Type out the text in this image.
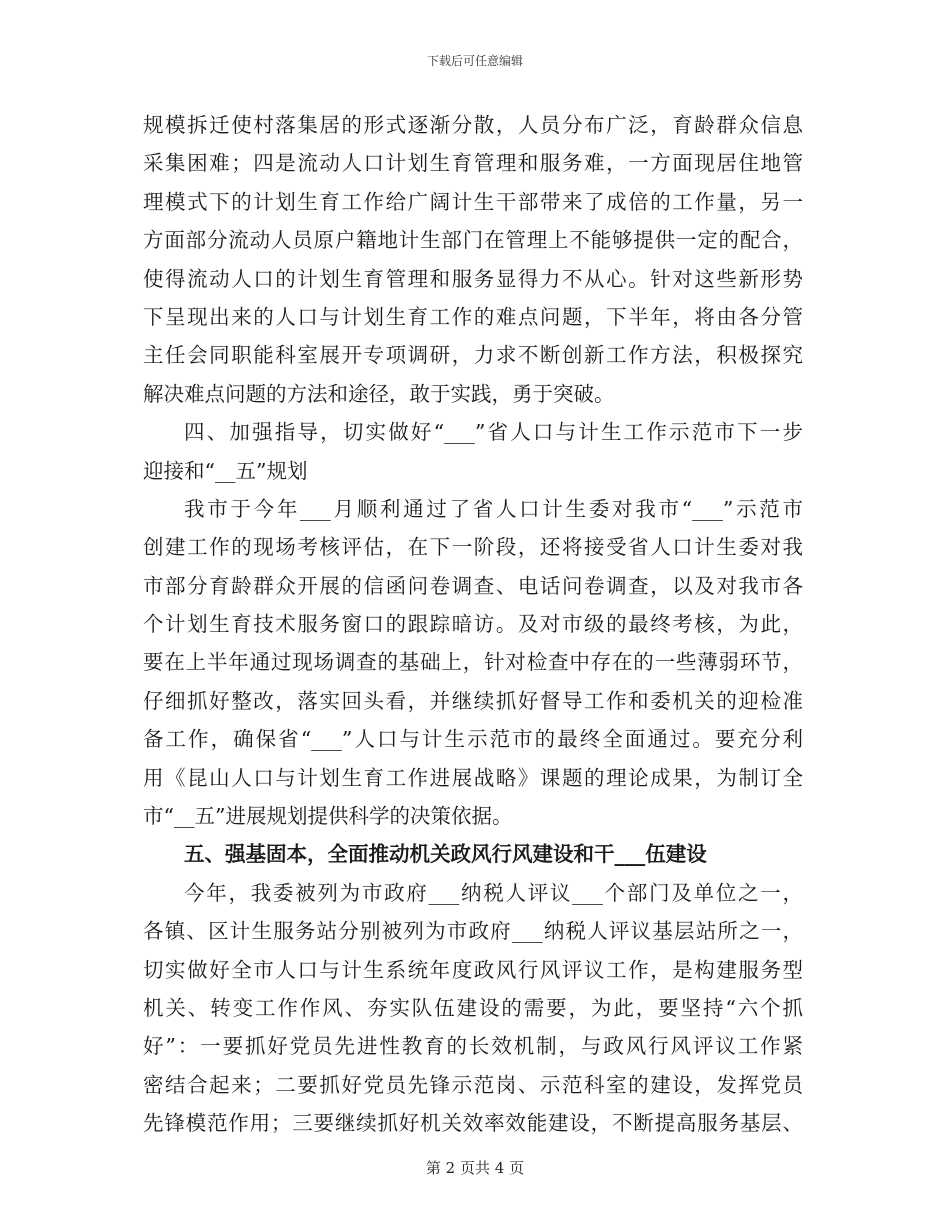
下载后可任意编辑
规模拆迁使村落集居的形式逐渐分散，人员分布广泛，育龄群众信息
采集困难；四是流动人口计划生育管理和服务难，一方面现居住地管
理模式下的计划生育工作给广阔计生干部带来了成倍的工作量，另一
方面部分流动人员原户籍地计生部门在管理上不能够提供一定的配合，
使得流动人口的计划生育管理和服务显得力不从心。针对这些新形势
下呈现出来的人口与计划生育工作的难点问题，下半年，将由各分管
主任会同职能科室展开专项调研，力求不断创新工作方法，积极探究
解决难点问题的方法和途径，敢于实践，勇于突破。
四、加强指导，切实做好“___”省人口与计生工作示范市下一步
迎接和“__五”规划
我市于今年___月顺利通过了省人口计生委对我市“___”示范市
创建工作的现场考核评估，在下一阶段，还将接受省人口计生委对我
市部分育龄群众开展的信函问卷调查、电话问卷调查，以及对我市各
个计划生育技术服务窗口的跟踪暗访。及对市级的最终考核，为此，
要在上半年通过现场调查的基础上，针对检查中存在的一些薄弱环节，
仔细抓好整改，落实回头看，并继续抓好督导工作和委机关的迎检准
备工作，确保省“___”人口与计生示范市的最终全面通过。要充分利
用《昆山人口与计划生育工作进展战略》课题的理论成果，为制订全
市“__五”进展规划提供科学的决策依据。
五、强基固本，全面推动机关政风行风建设和干___伍建设
今年，我委被列为市政府___纳税人评议___个部门及单位之一，
各镇、区计生服务站分别被列为市政府___纳税人评议基层站所之一，
切实做好全市人口与计生系统年度政风行风评议工作，是构建服务型
机关、转变工作作风、夯实队伍建设的需要，为此，要坚持“六个抓
好”：一要抓好党员先进性教育的长效机制，与政风行风评议工作紧
密结合起来；二要抓好党员先锋示范岗、示范科室的建设，发挥党员
先锋模范作用；三要继续抓好机关效率效能建设，不断提高服务基层、
第 2 页共 4 页
